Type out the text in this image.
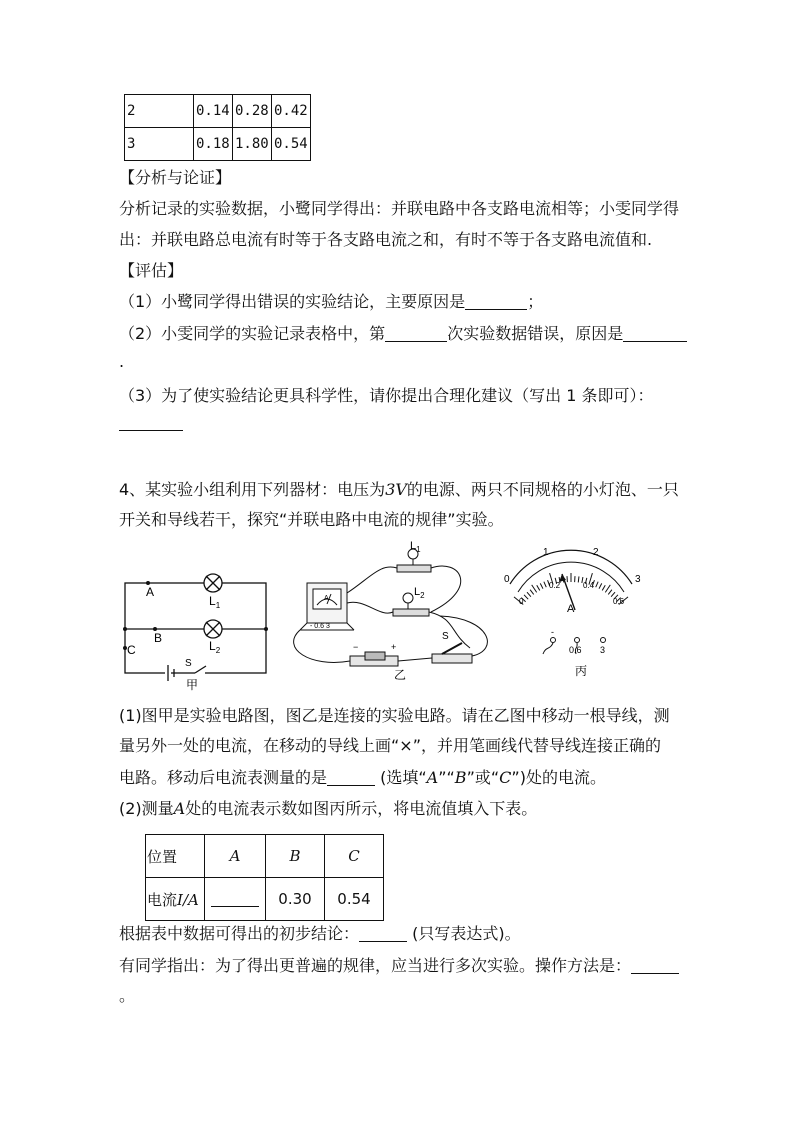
2	0.14	0.28	0.42
3	0.18	1.80	0.54
【分析与论证】
分析记录的实验数据，小鹭同学得出：并联电路中各支路电流相等；小雯同学得
出：并联电路总电流有时等于各支路电流之和，有时不等于各支路电流值和.
【评估】
（1）小鹭同学得出错误的实验结论，主要原因是	；
（2）小雯同学的实验记录表格中，第	次实验数据错误，原因是
.
（3）为了使实验结论更具科学性，请你提出合理化建议（写出 1 条即可）：
4、某实验小组利用下列器材：电压为3V的电源、两只不同规格的小灯泡、一只
开关和导线若干，探究“并联电路中电流的规律”实验。
A
B
C
$L_1$
$L_2$
S
甲
$L_1$
$L_2$
S
A
- 0.6 3
−	+
乙
0
1	2
3
0
0.2	0.4
0.6
A
-
0.6 3
丙
(1)图甲是实验电路图，图乙是连接的实验电路。请在乙图中移动一根导线，测
量另外一处的电流，在移动的导线上画“×”，并用笔画线代替导线连接正确的
电路。移动后电流表测量的是	(选填“A”“B”或“C”)处的电流。
(2)测量A处的电流表示数如图丙所示，将电流值填入下表。
位置	A	B	C
电流I/A		0.30	0.54
根据表中数据可得出的初步结论：	(只写表达式)。
有同学指出：为了得出更普遍的规律，应当进行多次实验。操作方法是：
。
